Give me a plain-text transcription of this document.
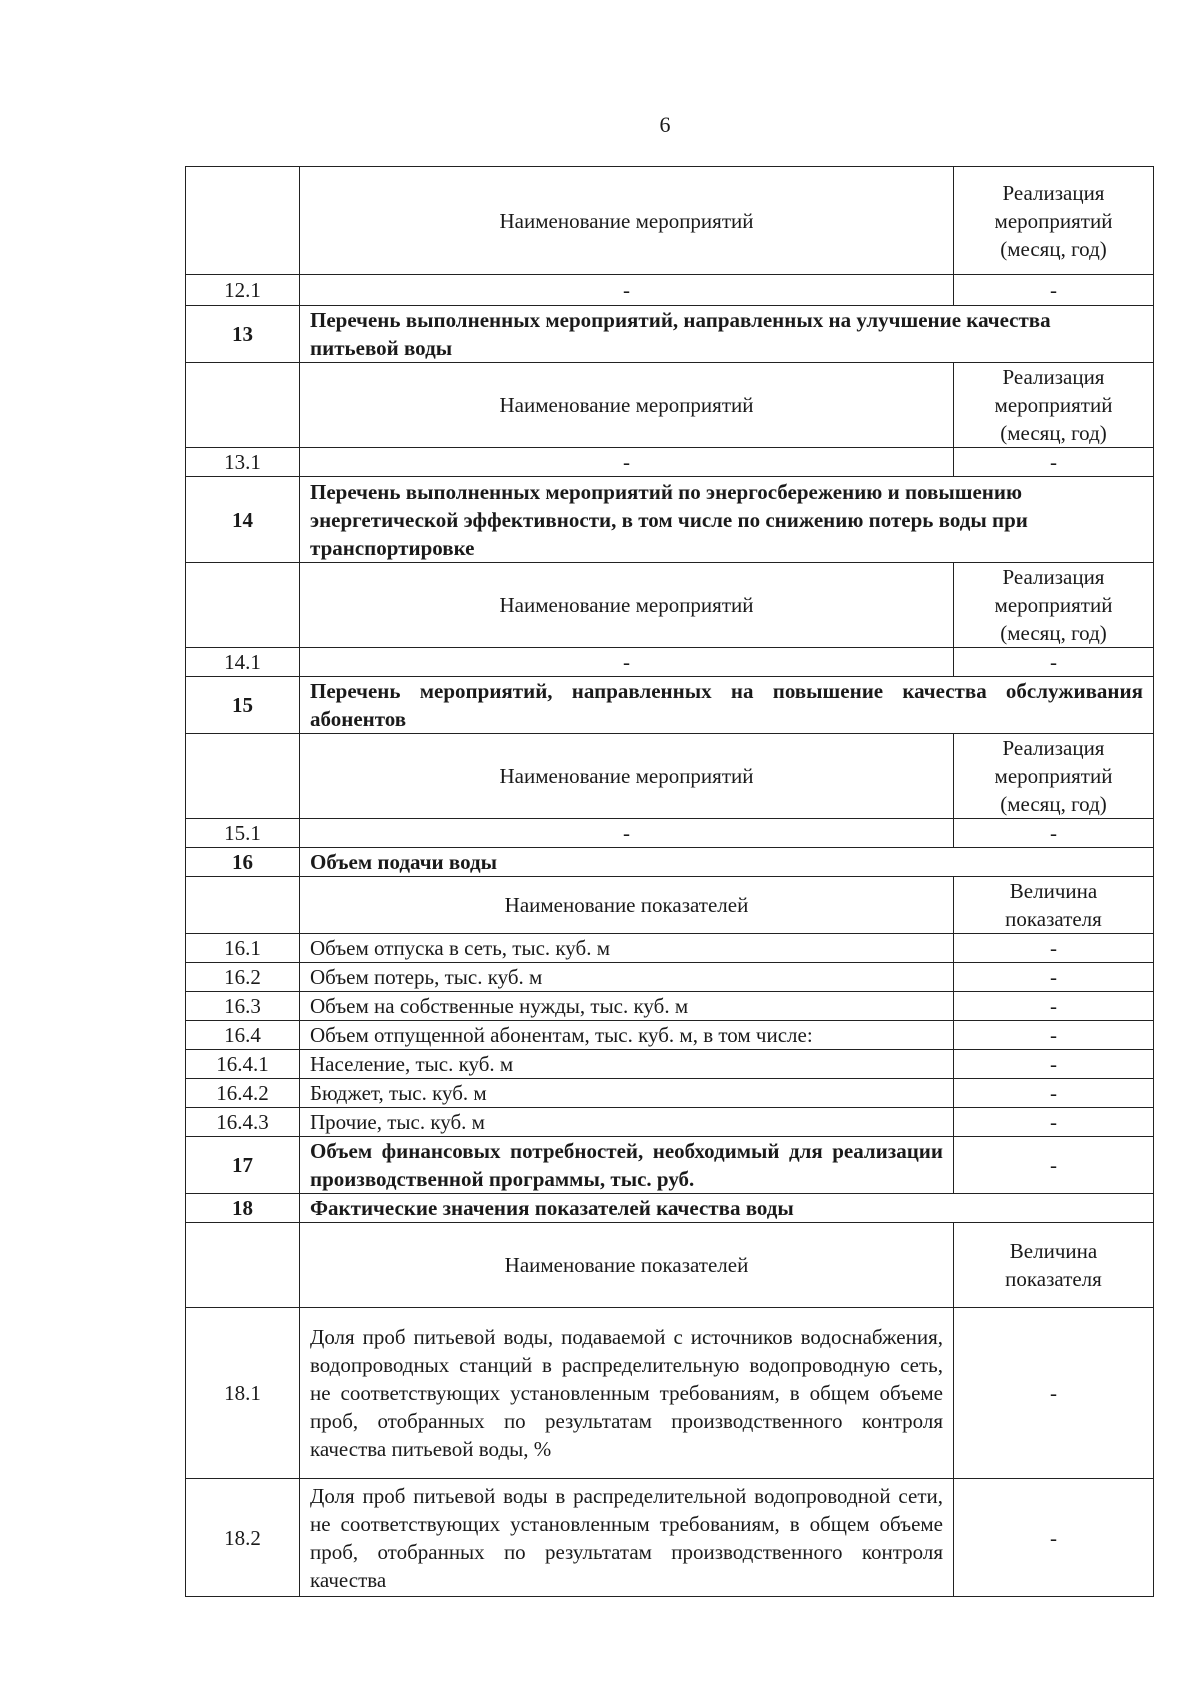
6
	Наименование мероприятий	Реализация мероприятий (месяц, год)
12.1	-	-
13	Перечень выполненных мероприятий, направленных на улучшение качества питьевой воды	
	Наименование мероприятий	Реализация мероприятий (месяц, год)
13.1	-	-
14	Перечень выполненных мероприятий по энергосбережению и повышению энергетической эффективности, в том числе по снижению потерь воды при транспортировке	
	Наименование мероприятий	Реализация мероприятий (месяц, год)
14.1	-	-
15	Перечень мероприятий, направленных на повышение качества обслуживания абонентов	
	Наименование мероприятий	Реализация мероприятий (месяц, год)
15.1	-	-
16	Объем подачи воды	
	Наименование показателей	Величина показателя
16.1	Объем отпуска в сеть, тыс. куб. м	-
16.2	Объем потерь, тыс. куб. м	-
16.3	Объем на собственные нужды, тыс. куб. м	-
16.4	Объем отпущенной абонентам, тыс. куб. м, в том числе:	-
16.4.1	Население, тыс. куб. м	-
16.4.2	Бюджет, тыс. куб. м	-
16.4.3	Прочие, тыс. куб. м	-
17	Объем финансовых потребностей, необходимый для реализации производственной программы, тыс. руб.	-
18	Фактические значения показателей качества воды	
	Наименование показателей	Величина показателя
18.1	Доля проб питьевой воды, подаваемой с источников водоснабжения, водопроводных станций в распределительную водопроводную сеть, не соответствующих установленным требованиям, в общем объеме проб, отобранных по результатам производственного контроля качества питьевой воды, %	-
18.2	Доля проб питьевой воды в распределительной водопроводной сети, не соответствующих установленным требованиям, в общем объеме проб, отобранных по результатам производственного контроля качества	-
